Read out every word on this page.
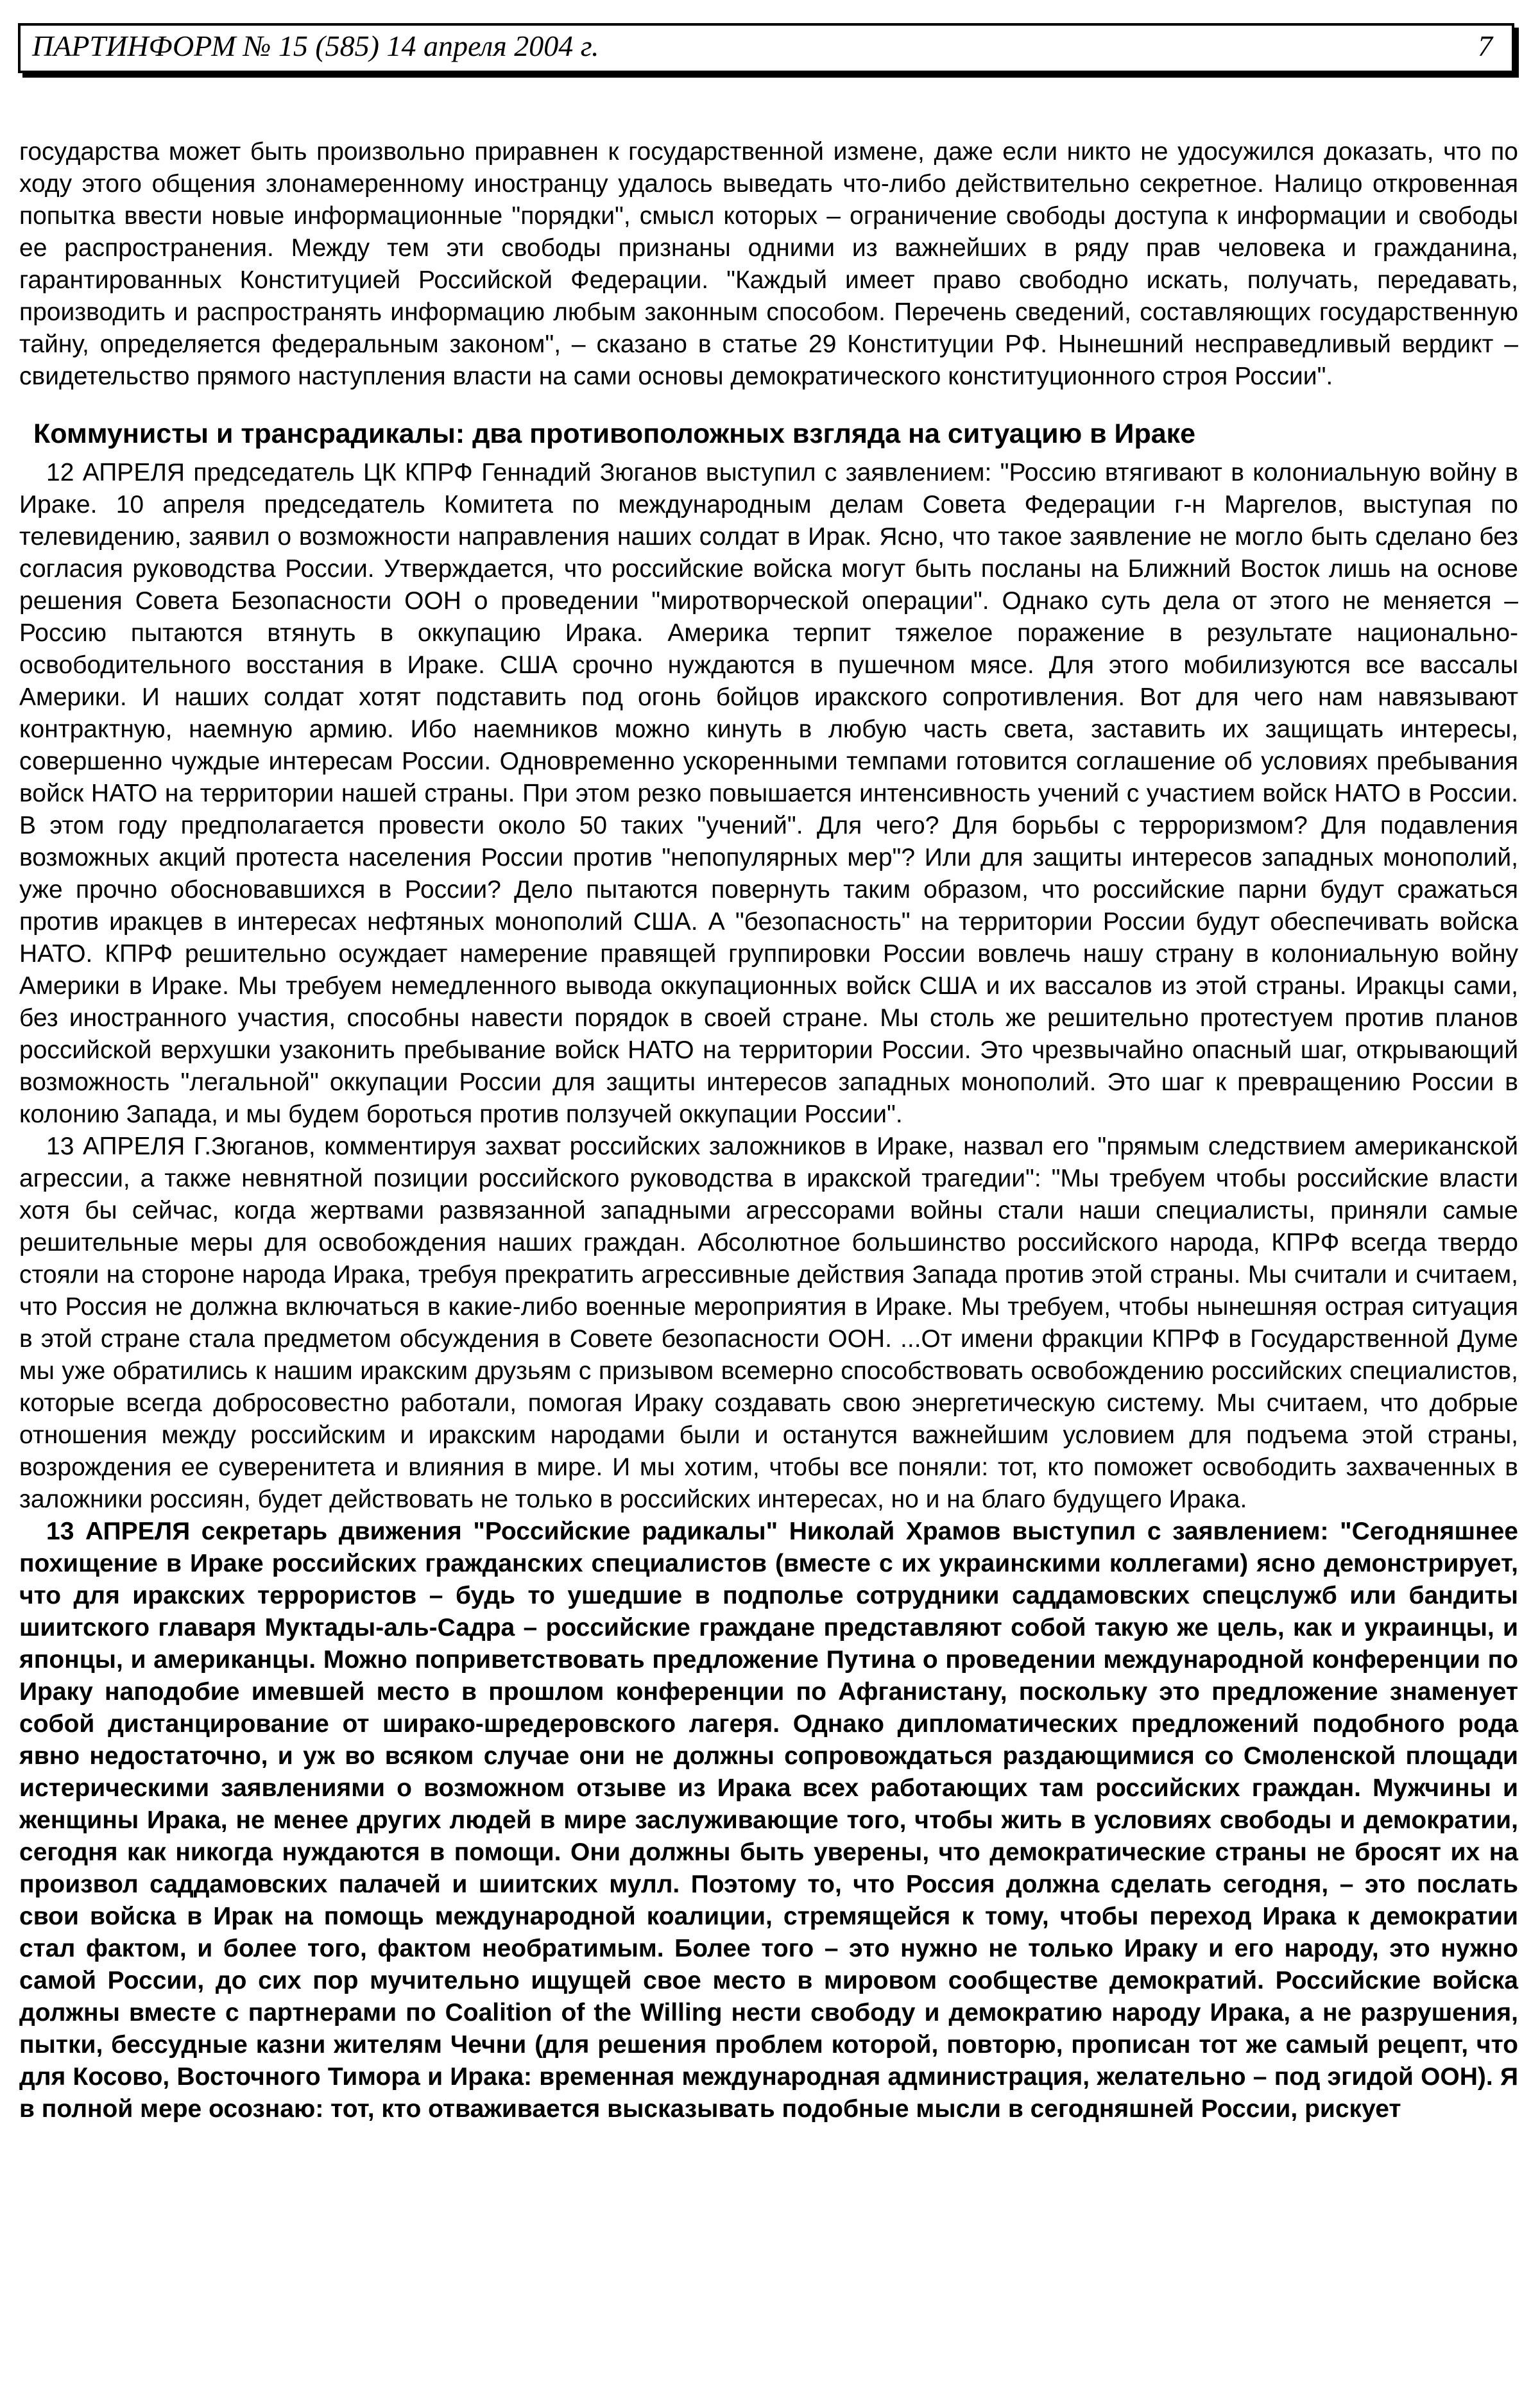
ПАРТИНФОРМ № 15 (585) 14 апреля 2004 г.	7

государства может быть произвольно приравнен к государственной измене, даже если никто не удосужился доказать, что по ходу этого общения злонамеренному иностранцу удалось выведать что-либо действительно секретное. Налицо откровенная попытка ввести новые информационные "порядки", смысл которых – ограничение свободы доступа к информации и свободы ее распространения. Между тем эти свободы признаны одними из важнейших в ряду прав человека и гражданина, гарантированных Конституцией Российской Федерации. "Каждый имеет право свободно искать, получать, передавать, производить и распространять информацию любым законным способом. Перечень сведений, составляющих государственную тайну, определяется федеральным законом", – сказано в статье 29 Конституции РФ. Нынешний несправедливый вердикт – свидетельство прямого наступления власти на сами основы демократического конституционного строя России".

Коммунисты и трансрадикалы: два противоположных взгляда на ситуацию в Ираке

12 АПРЕЛЯ председатель ЦК КПРФ Геннадий Зюганов выступил с заявлением: "Россию втягивают в колониальную войну в Ираке. 10 апреля председатель Комитета по международным делам Совета Федерации г-н Маргелов, выступая по телевидению, заявил о возможности направления наших солдат в Ирак. Ясно, что такое заявление не могло быть сделано без согласия руководства России. Утверждается, что российские войска могут быть посланы на Ближний Восток лишь на основе решения Совета Безопасности ООН о проведении "миротворческой операции". Однако суть дела от этого не меняется – Россию пытаются втянуть в оккупацию Ирака. Америка терпит тяжелое поражение в результате национально-освободительного восстания в Ираке. США срочно нуждаются в пушечном мясе. Для этого мобилизуются все вассалы Америки. И наших солдат хотят подставить под огонь бойцов иракского сопротивления. Вот для чего нам навязывают контрактную, наемную армию. Ибо наемников можно кинуть в любую часть света, заставить их защищать интересы, совершенно чуждые интересам России. Одновременно ускоренными темпами готовится соглашение об условиях пребывания войск НАТО на территории нашей страны. При этом резко повышается интенсивность учений с участием войск НАТО в России. В этом году предполагается провести около 50 таких "учений". Для чего? Для борьбы с терроризмом? Для подавления возможных акций протеста населения России против "непопулярных мер"? Или для защиты интересов западных монополий, уже прочно обосновавшихся в России? Дело пытаются повернуть таким образом, что российские парни будут сражаться против иракцев в интересах нефтяных монополий США. А "безопасность" на территории России будут обеспечивать войска НАТО. КПРФ решительно осуждает намерение правящей группировки России вовлечь нашу страну в колониальную войну Америки в Ираке. Мы требуем немедленного вывода оккупационных войск США и их вассалов из этой страны. Иракцы сами, без иностранного участия, способны навести порядок в своей стране. Мы столь же решительно протестуем против планов российской верхушки узаконить пребывание войск НАТО на территории России. Это чрезвычайно опасный шаг, открывающий возможность "легальной" оккупации России для защиты интересов западных монополий. Это шаг к превращению России в колонию Запада, и мы будем бороться против ползучей оккупации России".

13 АПРЕЛЯ Г.Зюганов, комментируя захват российских заложников в Ираке, назвал его "прямым следствием американской агрессии, а также невнятной позиции российского руководства в иракской трагедии": "Мы требуем чтобы российские власти хотя бы сейчас, когда жертвами развязанной западными агрессорами войны стали наши специалисты, приняли самые решительные меры для освобождения наших граждан. Абсолютное большинство российского народа, КПРФ всегда твердо стояли на стороне народа Ирака, требуя прекратить агрессивные действия Запада против этой страны. Мы считали и считаем, что Россия не должна включаться в какие-либо военные мероприятия в Ираке. Мы требуем, чтобы нынешняя острая ситуация в этой стране стала предметом обсуждения в Совете безопасности ООН. ...От имени фракции КПРФ в Государственной Думе мы уже обратились к нашим иракским друзьям с призывом всемерно способствовать освобождению российских специалистов, которые всегда добросовестно работали, помогая Ираку создавать свою энергетическую систему. Мы считаем, что добрые отношения между российским и иракским народами были и останутся важнейшим условием для подъема этой страны, возрождения ее суверенитета и влияния в мире. И мы хотим, чтобы все поняли: тот, кто поможет освободить захваченных в заложники россиян, будет действовать не только в российских интересах, но и на благо будущего Ирака.

13 АПРЕЛЯ секретарь движения "Российские радикалы" Николай Храмов выступил с заявлением: "Сегодняшнее похищение в Ираке российских гражданских специалистов (вместе с их украинскими коллегами) ясно демонстрирует, что для иракских террористов – будь то ушедшие в подполье сотрудники саддамовских спецслужб или бандиты шиитского главаря Муктады-аль-Садра – российские граждане представляют собой такую же цель, как и украинцы, и японцы, и американцы. Можно поприветствовать предложение Путина о проведении международной конференции по Ираку наподобие имевшей место в прошлом конференции по Афганистану, поскольку это предложение знаменует собой дистанцирование от ширако-шредеровского лагеря. Однако дипломатических предложений подобного рода явно недостаточно, и уж во всяком случае они не должны сопровождаться раздающимися со Смоленской площади истерическими заявлениями о возможном отзыве из Ирака всех работающих там российских граждан. Мужчины и женщины Ирака, не менее других людей в мире заслуживающие того, чтобы жить в условиях свободы и демократии, сегодня как никогда нуждаются в помощи. Они должны быть уверены, что демократические страны не бросят их на произвол саддамовских палачей и шиитских мулл. Поэтому то, что Россия должна сделать сегодня, – это послать свои войска в Ирак на помощь международной коалиции, стремящейся к тому, чтобы переход Ирака к демократии стал фактом, и более того, фактом необратимым. Более того – это нужно не только Ираку и его народу, это нужно самой России, до сих пор мучительно ищущей свое место в мировом сообществе демократий. Российские войска должны вместе с партнерами по Coalition of the Willing нести свободу и демократию народу Ирака, а не разрушения, пытки, бессудные казни жителям Чечни (для решения проблем которой, повторю, прописан тот же самый рецепт, что для Косово, Восточного Тимора и Ирака: временная международная администрация, желательно – под эгидой ООН). Я в полной мере осознаю: тот, кто отваживается высказывать подобные мысли в сегодняшней России, рискует
